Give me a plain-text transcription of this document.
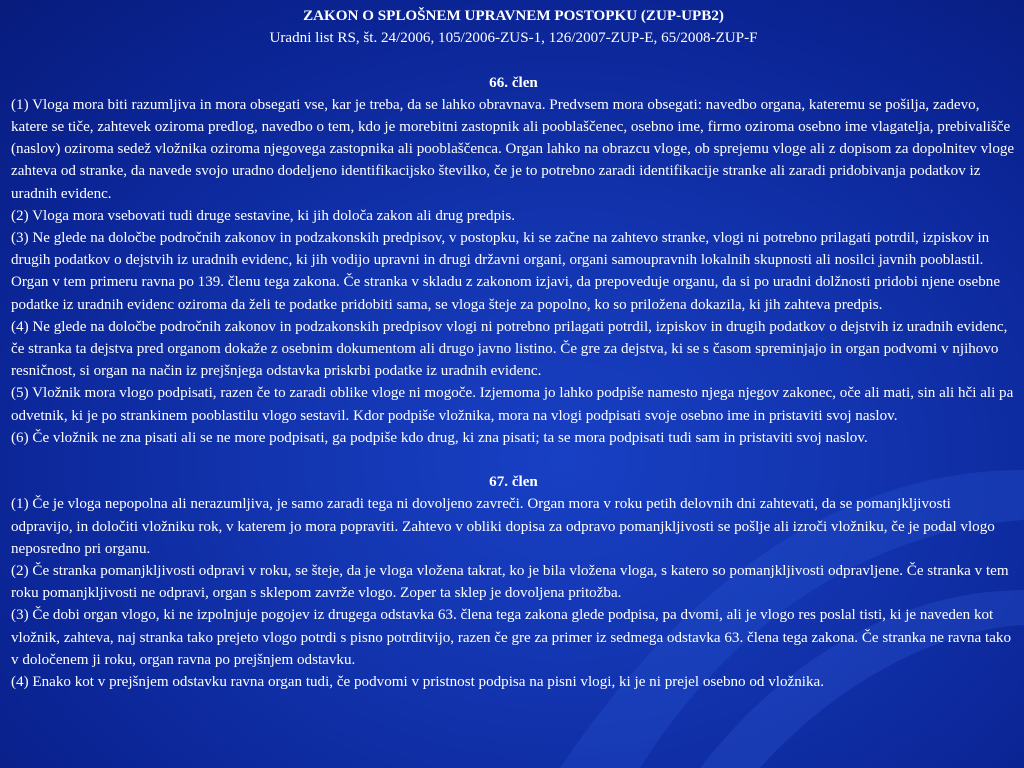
ZAKON O SPLOŠNEM UPRAVNEM POSTOPKU (ZUP-UPB2)

Uradni list RS, št. 24/2006, 105/2006-ZUS-1, 126/2007-ZUP-E, 65/2008-ZUP-F

66. člen

(1) Vloga mora biti razumljiva in mora obsegati vse, kar je treba, da se lahko obravnava. Predvsem mora obsegati: navedbo organa, kateremu se pošilja, zadevo, katere se tiče, zahtevek oziroma predlog, navedbo o tem, kdo je morebitni zastopnik ali pooblaščenec, osebno ime, firmo oziroma osebno ime vlagatelja, prebivališče (naslov) oziroma sedež vložnika oziroma njegovega zastopnika ali pooblaščenca. Organ lahko na obrazcu vloge, ob sprejemu vloge ali z dopisom za dopolnitev vloge zahteva od stranke, da navede svojo uradno dodeljeno identifikacijsko številko, če je to potrebno zaradi identifikacije stranke ali zaradi pridobivanja podatkov iz uradnih evidenc.

(2) Vloga mora vsebovati tudi druge sestavine, ki jih določa zakon ali drug predpis.

(3) Ne glede na določbe področnih zakonov in podzakonskih predpisov, v postopku, ki se začne na zahtevo stranke, vlogi ni potrebno prilagati potrdil, izpiskov in drugih podatkov o dejstvih iz uradnih evidenc, ki jih vodijo upravni in drugi državni organi, organi samoupravnih lokalnih skupnosti ali nosilci javnih pooblastil. Organ v tem primeru ravna po 139. členu tega zakona. Če stranka v skladu z zakonom izjavi, da prepoveduje organu, da si po uradni dolžnosti pridobi njene osebne podatke iz uradnih evidenc oziroma da želi te podatke pridobiti sama, se vloga šteje za popolno, ko so priložena dokazila, ki jih zahteva predpis.

(4) Ne glede na določbe področnih zakonov in podzakonskih predpisov vlogi ni potrebno prilagati potrdil, izpiskov in drugih podatkov o dejstvih iz uradnih evidenc, če stranka ta dejstva pred organom dokaže z osebnim dokumentom ali drugo javno listino. Če gre za dejstva, ki se s časom spreminjajo in organ podvomi v njihovo resničnost, si organ na način iz prejšnjega odstavka priskrbi podatke iz uradnih evidenc.

(5) Vložnik mora vlogo podpisati, razen če to zaradi oblike vloge ni mogoče. Izjemoma jo lahko podpiše namesto njega njegov zakonec, oče ali mati, sin ali hči ali pa odvetnik, ki je po strankinem pooblastilu vlogo sestavil. Kdor podpiše vložnika, mora na vlogi podpisati svoje osebno ime in pristaviti svoj naslov.

(6) Če vložnik ne zna pisati ali se ne more podpisati, ga podpiše kdo drug, ki zna pisati; ta se mora podpisati tudi sam in pristaviti svoj naslov.

67. člen

(1) Če je vloga nepopolna ali nerazumljiva, je samo zaradi tega ni dovoljeno zavreči. Organ mora v roku petih delovnih dni zahtevati, da se pomanjkljivosti odpravijo, in določiti vložniku rok, v katerem jo mora popraviti. Zahtevo v obliki dopisa za odpravo pomanjkljivosti se pošlje ali izroči vložniku, če je podal vlogo neposredno pri organu.

(2) Če stranka pomanjkljivosti odpravi v roku, se šteje, da je vloga vložena takrat, ko je bila vložena vloga, s katero so pomanjkljivosti odpravljene. Če stranka v tem roku pomanjkljivosti ne odpravi, organ s sklepom zavrže vlogo. Zoper ta sklep je dovoljena pritožba.

(3) Če dobi organ vlogo, ki ne izpolnjuje pogojev iz drugega odstavka 63. člena tega zakona glede podpisa, pa dvomi, ali je vlogo res poslal tisti, ki je naveden kot vložnik, zahteva, naj stranka tako prejeto vlogo potrdi s pisno potrditvijo, razen če gre za primer iz sedmega odstavka 63. člena tega zakona. Če stranka ne ravna tako v določenem ji roku, organ ravna po prejšnjem odstavku.

(4) Enako kot v prejšnjem odstavku ravna organ tudi, če podvomi v pristnost podpisa na pisni vlogi, ki je ni prejel osebno od vložnika.
